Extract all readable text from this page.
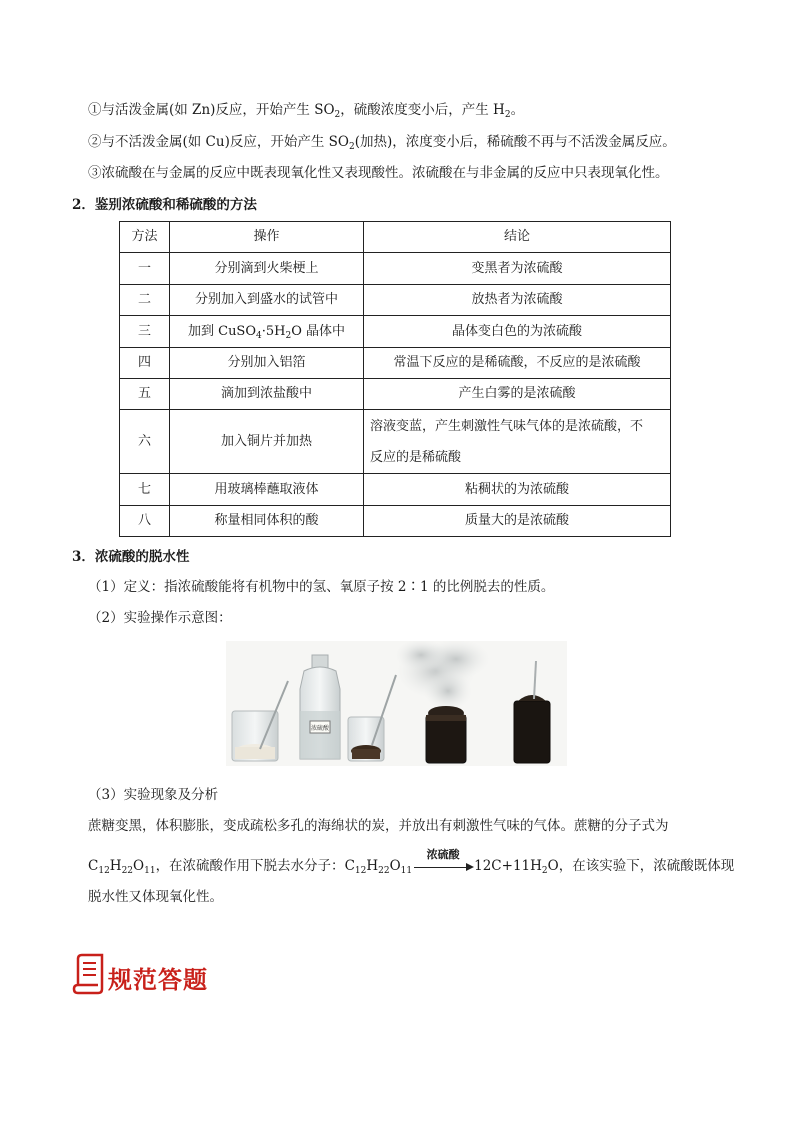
①与活泼金属(如 Zn)反应，开始产生 $SO_2$，硫酸浓度变小后，产生 $H_2$。
②与不活泼金属(如 Cu)反应，开始产生 $SO_2$(加热)，浓度变小后，稀硫酸不再与不活泼金属反应。
③浓硫酸在与金属的反应中既表现氧化性又表现酸性。浓硫酸在与非金属的反应中只表现氧化性。
2．鉴别浓硫酸和稀硫酸的方法
方法	操作	结论
一	分别滴到火柴梗上	变黑者为浓硫酸
二	分别加入到盛水的试管中	放热者为浓硫酸
三	加到 $CuSO_4\cdot 5H_2O$ 晶体中	晶体变白色的为浓硫酸
四	分别加入铝箔	常温下反应的是稀硫酸，不反应的是浓硫酸
五	滴加到浓盐酸中	产生白雾的是浓硫酸
六	加入铜片并加热	溶液变蓝，产生刺激性气味气体的是浓硫酸，不
反应的是稀硫酸

七	用玻璃棒蘸取液体	粘稠状的为浓硫酸
八	称量相同体积的酸	质量大的是浓硫酸
3．浓硫酸的脱水性
（1）定义：指浓硫酸能将有机物中的氢、氧原子按 2∶1 的比例脱去的性质。
（2）实验操作示意图：
浓硫酸
（3）实验现象及分析
蔗糖变黑，体积膨胀，变成疏松多孔的海绵状的炭，并放出有刺激性气味的气体。蔗糖的分子式为
$C_{12}H_{22}O_{11}$，在浓硫酸作用下脱去水分子：$C_{12}H_{22}O_{11}$
浓硫酸
$12C+11H_2O$，在该实验下，浓硫酸既体现
脱水性又体现氧化性。
规范答题
